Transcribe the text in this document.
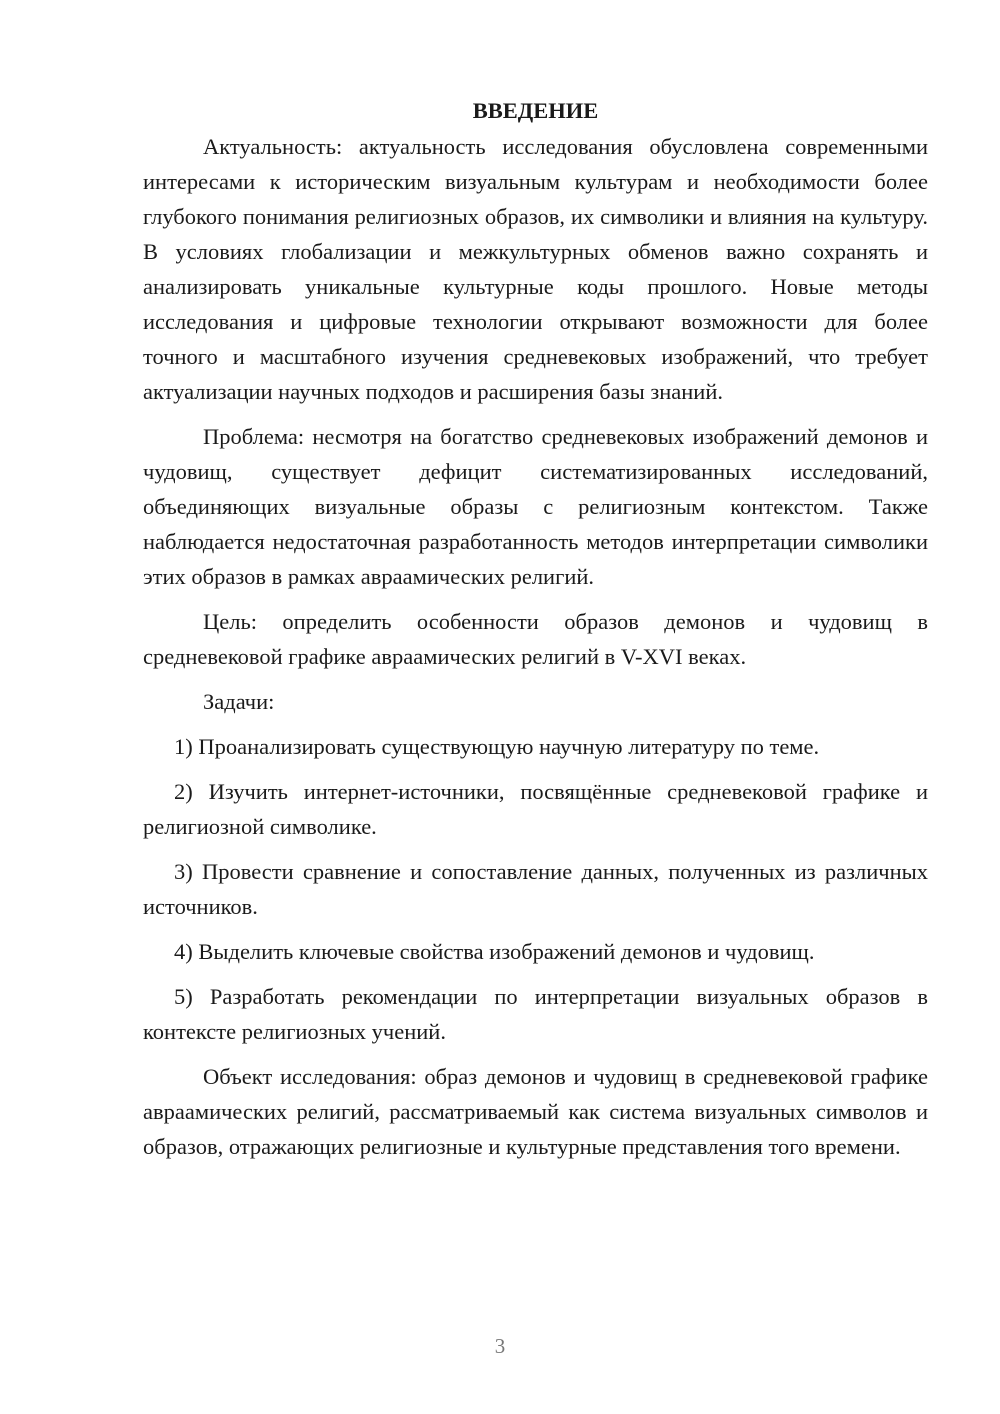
ВВЕДЕНИЕ

Актуальность: актуальность исследования обусловлена современными интересами к историческим визуальным культурам и необходимости более глубокого понимания религиозных образов, их символики и влияния на культуру. В условиях глобализации и межкультурных обменов важно сохранять и анализировать уникальные культурные коды прошлого. Новые методы исследования и цифровые технологии открывают возможности для более точного и масштабного изучения средневековых изображений, что требует актуализации научных подходов и расширения базы знаний.

Проблема: несмотря на богатство средневековых изображений демонов и чудовищ, существует дефицит систематизированных исследований, объединяющих визуальные образы с религиозным контекстом. Также наблюдается недостаточная разработанность методов интерпретации символики этих образов в рамках авраамических религий.

Цель: определить особенности образов демонов и чудовищ в средневековой графике авраамических религий в V-XVI веках.

Задачи:

1) Проанализировать существующую научную литературу по теме.

2) Изучить интернет-источники, посвящённые средневековой графике и религиозной символике.

3) Провести сравнение и сопоставление данных, полученных из различных источников.

4) Выделить ключевые свойства изображений демонов и чудовищ.

5) Разработать рекомендации по интерпретации визуальных образов в контексте религиозных учений.

Объект исследования: образ демонов и чудовищ в средневековой графике авраамических религий, рассматриваемый как система визуальных символов и образов, отражающих религиозные и культурные представления того времени.

3
